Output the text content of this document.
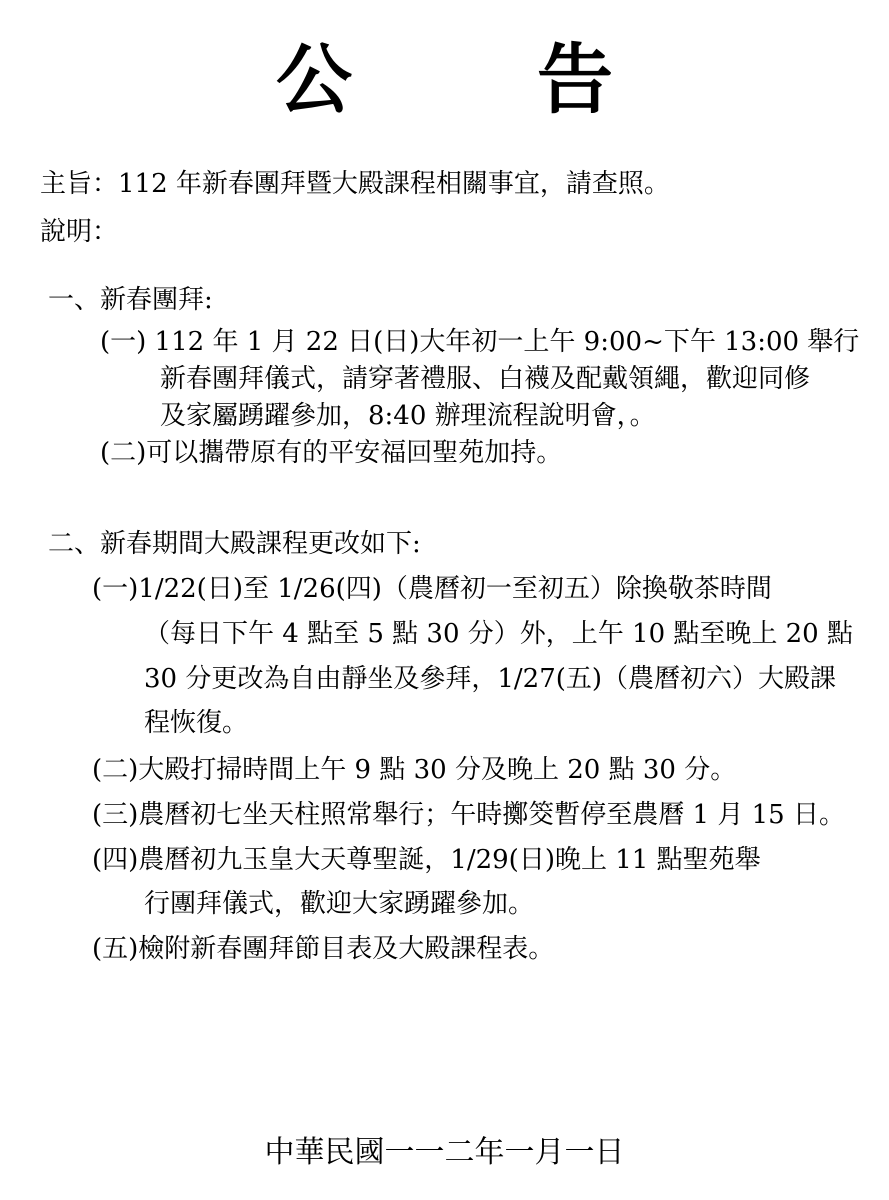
公 告
主旨：112 年新春團拜暨大殿課程相關事宜，請查照。
說明：
一、新春團拜:
(一) 112 年 1 月 22 日(日)大年初一上午 9:00~下午 13:00 舉行
新春團拜儀式，請穿著禮服、白襪及配戴領繩，歡迎同修
及家屬踴躍參加，8:40 辦理流程說明會，。
(二)可以攜帶原有的平安福回聖苑加持。
二、新春期間大殿課程更改如下:
(一)1/22(日)至 1/26(四)（農曆初一至初五）除換敬茶時間
（每日下午 4 點至 5 點 30 分）外，上午 10 點至晚上 20 點
30 分更改為自由靜坐及參拜，1/27(五)（農曆初六）大殿課
程恢復。
(二)大殿打掃時間上午 9 點 30 分及晚上 20 點 30 分。
(三)農曆初七坐天柱照常舉行；午時擲筊暫停至農曆 1 月 15 日。
(四)農曆初九玉皇大天尊聖誕，1/29(日)晚上 11 點聖苑舉
行團拜儀式，歡迎大家踴躍參加。
(五)檢附新春團拜節目表及大殿課程表。
中華民國一一二年一月一日
